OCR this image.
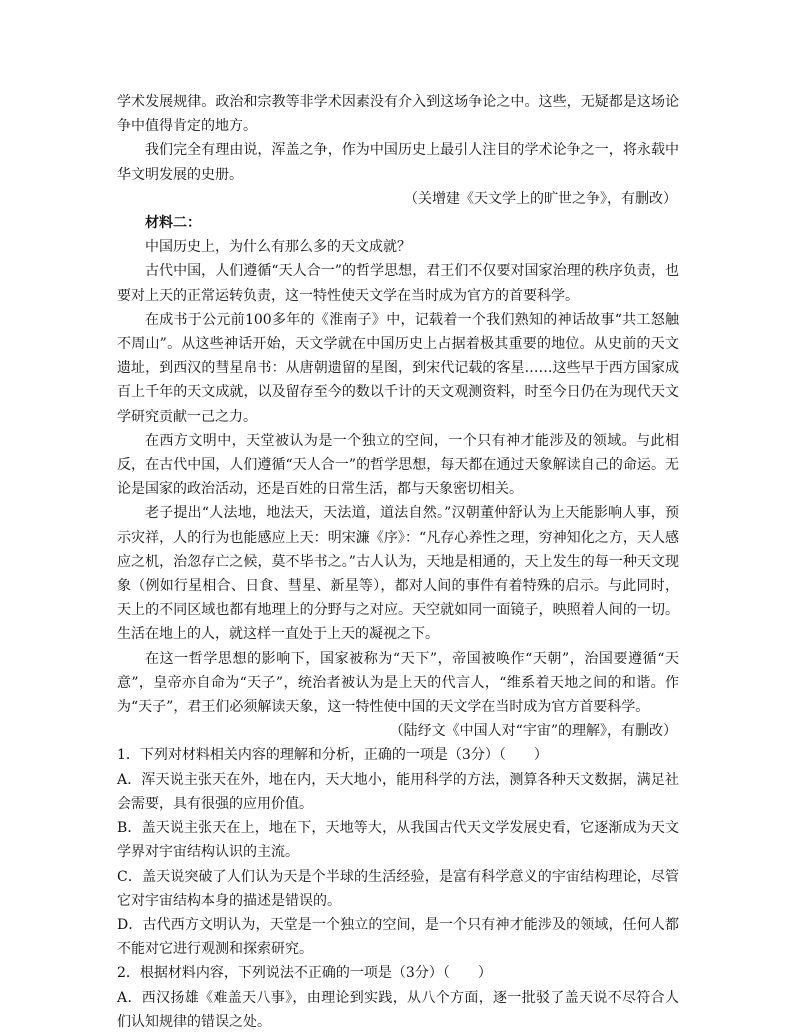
学术发展规律。政治和宗教等非学术因素没有介入到这场争论之中。这些，无疑都是这场论争中值得肯定的地方。

我们完全有理由说，浑盖之争，作为中国历史上最引人注目的学术论争之一，将永载中华文明发展的史册。

（关增建《天文学上的旷世之争》，有删改）

材料二：

中国历史上，为什么有那么多的天文成就？

古代中国，人们遵循“天人合一”的哲学思想，君王们不仅要对国家治理的秩序负责，也要对上天的正常运转负责，这一特性使天文学在当时成为官方的首要科学。

在成书于公元前100多年的《淮南子》中，记载着一个我们熟知的神话故事“共工怒触不周山”。从这些神话开始，天文学就在中国历史上占据着极其重要的地位。从史前的天文遗址，到西汉的彗星帛书：从唐朝遗留的星图，到宋代记载的客星……这些早于西方国家成百上千年的天文成就，以及留存至今的数以千计的天文观测资料，时至今日仍在为现代天文学研究贡献一己之力。

在西方文明中，天堂被认为是一个独立的空间，一个只有神才能涉及的领域。与此相反，在古代中国，人们遵循“天人合一”的哲学思想，每天都在通过天象解读自己的命运。无论是国家的政治活动，还是百姓的日常生活，都与天象密切相关。

老子提出“人法地，地法天，天法道，道法自然。”汉朝董仲舒认为上天能影响人事，预示灾祥，人的行为也能感应上天：明宋濂《序》：“凡存心养性之理，穷神知化之方，天人感应之机，治忽存亡之候，莫不毕书之。”古人认为，天地是相通的，天上发生的每一种天文现象（例如行星相合、日食、彗星、新星等），都对人间的事件有着特殊的启示。与此同时，天上的不同区域也都有地理上的分野与之对应。天空就如同一面镜子，映照着人间的一切。生活在地上的人，就这样一直处于上天的凝视之下。

在这一哲学思想的影响下，国家被称为“天下”，帝国被唤作“天朝”，治国要遵循“天意”，皇帝亦自命为“天子”，统治者被认为是上天的代言人，“维系着天地之间的和谐。作为“天子”，君王们必须解读天象，这一特性使中国的天文学在当时成为官方首要科学。

（陆纾文《中国人对“宇宙”的理解》，有删改）

1．下列对材料相关内容的理解和分析，正确的一项是（3分）（　　）

A．浑天说主张天在外，地在内，天大地小，能用科学的方法，测算各种天文数据，满足社会需要，具有很强的应用价值。

B．盖天说主张天在上，地在下，天地等大，从我国古代天文学发展史看，它逐渐成为天文学界对宇宙结构认识的主流。

C．盖天说突破了人们认为天是个半球的生活经验，是富有科学意义的宇宙结构理论，尽管它对宇宙结构本身的描述是错误的。

D．古代西方文明认为，天堂是一个独立的空间，是一个只有神才能涉及的领域，任何人都不能对它进行观测和探索研究。

2．根据材料内容，下列说法不正确的一项是（3分）（　　）

A．西汉扬雄《难盖天八事》，由理论到实践，从八个方面，逐一批驳了盖天说不尽符合人们认知规律的错误之处。
